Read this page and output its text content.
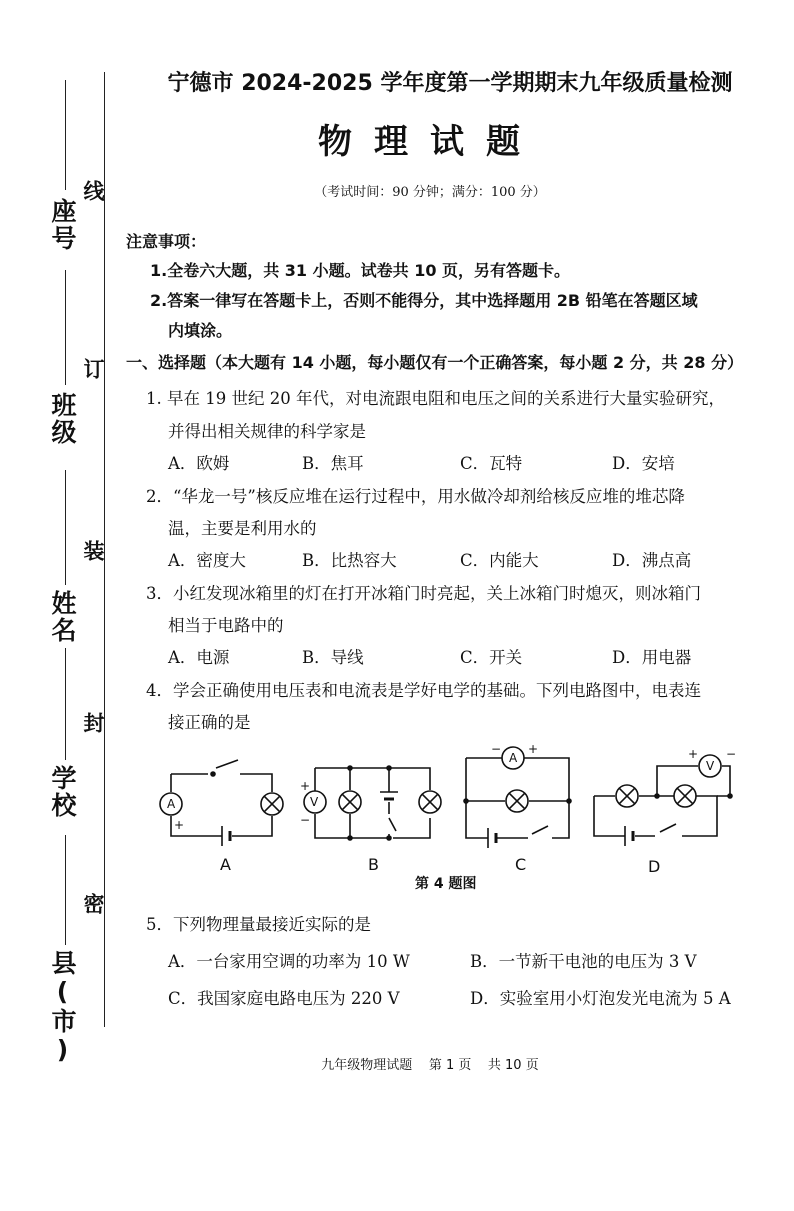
座号
班级
姓名
学校
县(市)
线
订
装
封
密
宁德市 2024-2025 学年度第一学期期末九年级质量检测
物理试题
（考试时间：90 分钟；满分：100 分）
注意事项：
1.全卷六大题，共 31 小题。试卷共 10 页，另有答题卡。
2.答案一律写在答题卡上，否则不能得分，其中选择题用 2B 铅笔在答题区域
内填涂。
一、选择题（本大题有 14 小题，每小题仅有一个正确答案，每小题 2 分，共 28 分）
1. 早在 19 世纪 20 年代，对电流跟电阻和电压之间的关系进行大量实验研究，
并得出相关规律的科学家是
A．欧姆	B．焦耳	C．瓦特	D．安培
2．“华龙一号”核反应堆在运行过程中，用水做冷却剂给核反应堆的堆芯降
温，主要是利用水的
A．密度大	B．比热容大	C．内能大	D．沸点高
3．小红发现冰箱里的灯在打开冰箱门时亮起，关上冰箱门时熄灭，则冰箱门
相当于电路中的
A．电源	B．导线	C．开关	D．用电器
4．学会正确使用电压表和电流表是学好电学的基础。下列电路图中，电表连
接正确的是
A
+
V
+
−
A
− +
V
+ −
A	B	C	D
第 4 题图
5．下列物理量最接近实际的是
A．一台家用空调的功率为 10 W	B．一节新干电池的电压为 3 V
C．我国家庭电路电压为 220 V	D．实验室用小灯泡发光电流为 5 A
九年级物理试题    第 1 页    共 10 页
